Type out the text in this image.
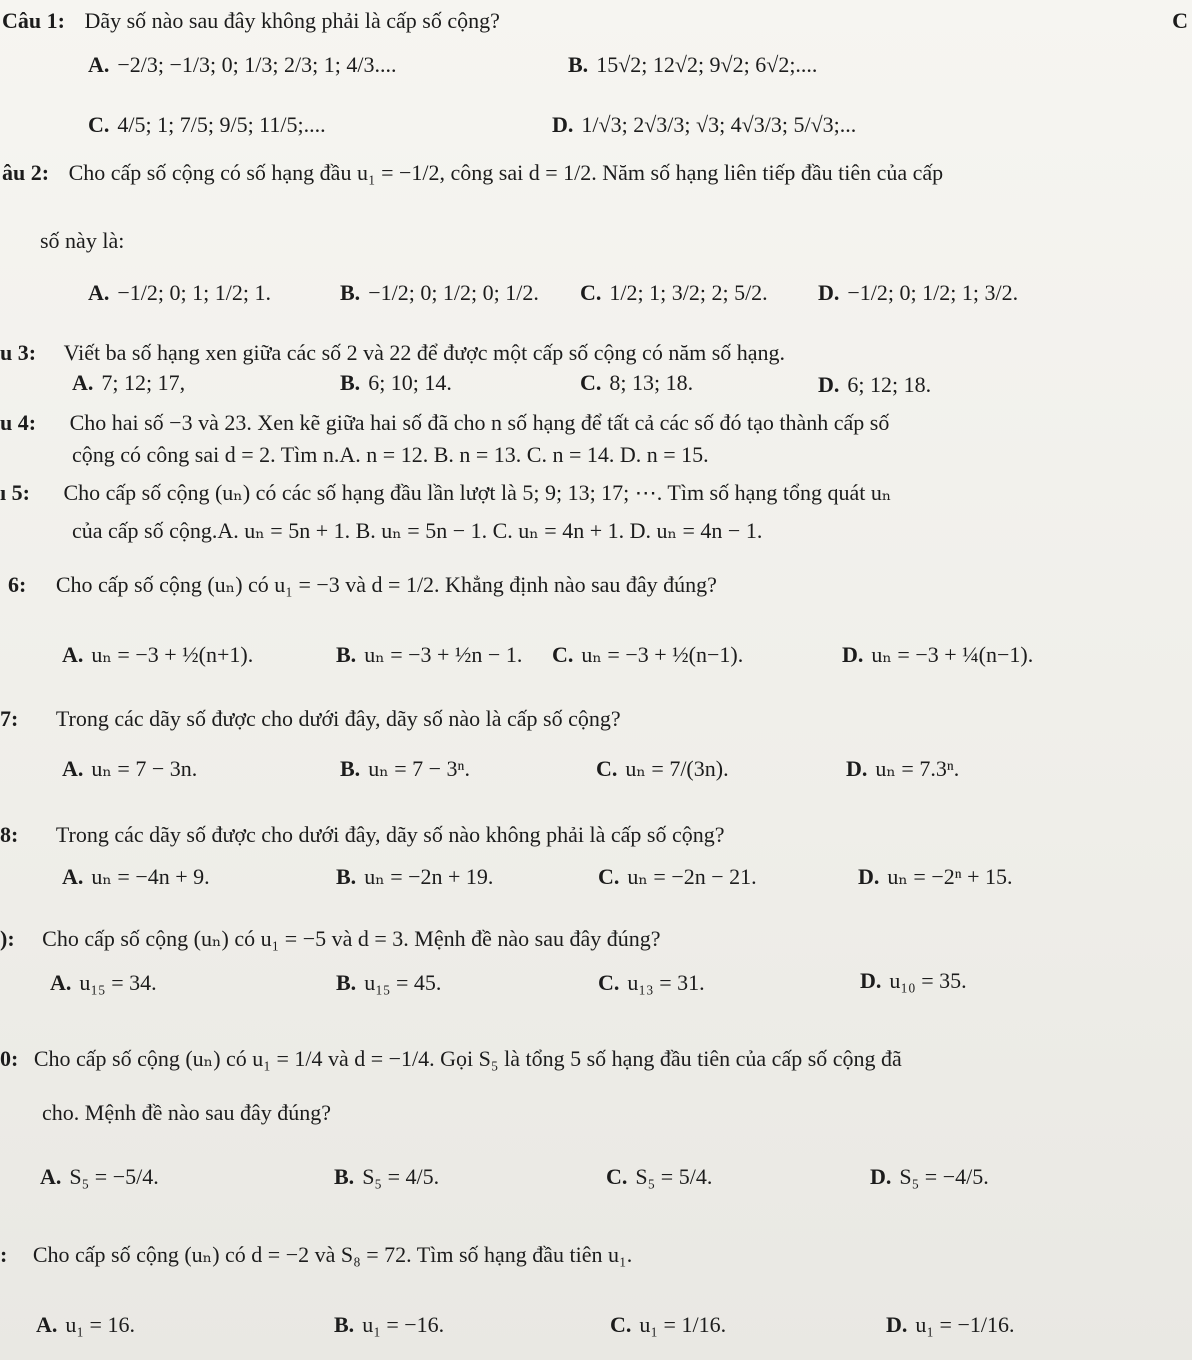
C
Câu 1: Dãy số nào sau đây không phải là cấp số cộng?
A. −2/3; −1/3; 0; 1/3; 2/3; 1; 4/3....	B. 15√2; 12√2; 9√2; 6√2;....
C. 4/5; 1; 7/5; 9/5; 11/5;....	D. 1/√3; 2√3/3; √3; 4√3/3; 5/√3;...
âu 2: Cho cấp số cộng có số hạng đầu u₁ = −1/2, công sai d = 1/2. Năm số hạng liên tiếp đầu tiên của cấp
số này là:
A. −1/2; 0; 1; 1/2; 1.	B. −1/2; 0; 1/2; 0; 1/2. C. 1/2; 1; 3/2; 2; 5/2. D. −1/2; 0; 1/2; 1; 3/2.
u 3: Viết ba số hạng xen giữa các số 2 và 22 để được một cấp số cộng có năm số hạng.
A. 7; 12; 17,	B. 6; 10; 14.	C. 8; 13; 18.	D. 6; 12; 18.
u 4: Cho hai số −3 và 23. Xen kẽ giữa hai số đã cho n số hạng để tất cả các số đó tạo thành cấp số
cộng có công sai d = 2. Tìm n.A. n = 12. B. n = 13. C. n = 14. D. n = 15.
ı 5: Cho cấp số cộng (uₙ) có các số hạng đầu lần lượt là 5; 9; 13; 17; ⋯. Tìm số hạng tổng quát uₙ
của cấp số cộng.A. uₙ = 5n + 1. B. uₙ = 5n − 1. C. uₙ = 4n + 1. D. uₙ = 4n − 1.
6: Cho cấp số cộng (uₙ) có u₁ = −3 và d = 1/2. Khẳng định nào sau đây đúng?
A. uₙ = −3 + ½(n+1).	B. uₙ = −3 + ½n − 1. C. uₙ = −3 + ½(n−1).	D. uₙ = −3 + ¼(n−1).
7: Trong các dãy số được cho dưới đây, dãy số nào là cấp số cộng?
A. uₙ = 7 − 3n.	B. uₙ = 7 − 3ⁿ.	C. uₙ = 7/(3n).	D. uₙ = 7.3ⁿ.
8: Trong các dãy số được cho dưới đây, dãy số nào không phải là cấp số cộng?
A. uₙ = −4n + 9.	B. uₙ = −2n + 19.	C. uₙ = −2n − 21.	D. uₙ = −2ⁿ + 15.
): Cho cấp số cộng (uₙ) có u₁ = −5 và d = 3. Mệnh đề nào sau đây đúng?
A. u₁₅ = 34.	B. u₁₅ = 45.	C. u₁₃ = 31.	D. u₁₀ = 35.
0: Cho cấp số cộng (uₙ) có u₁ = 1/4 và d = −1/4. Gọi S₅ là tổng 5 số hạng đầu tiên của cấp số cộng đã
cho. Mệnh đề nào sau đây đúng?
A. S₅ = −5/4.	B. S₅ = 4/5.	C. S₅ = 5/4.	D. S₅ = −4/5.
: Cho cấp số cộng (uₙ) có d = −2 và S₈ = 72. Tìm số hạng đầu tiên u₁.
A. u₁ = 16.	B. u₁ = −16.	C. u₁ = 1/16.	D. u₁ = −1/16.
